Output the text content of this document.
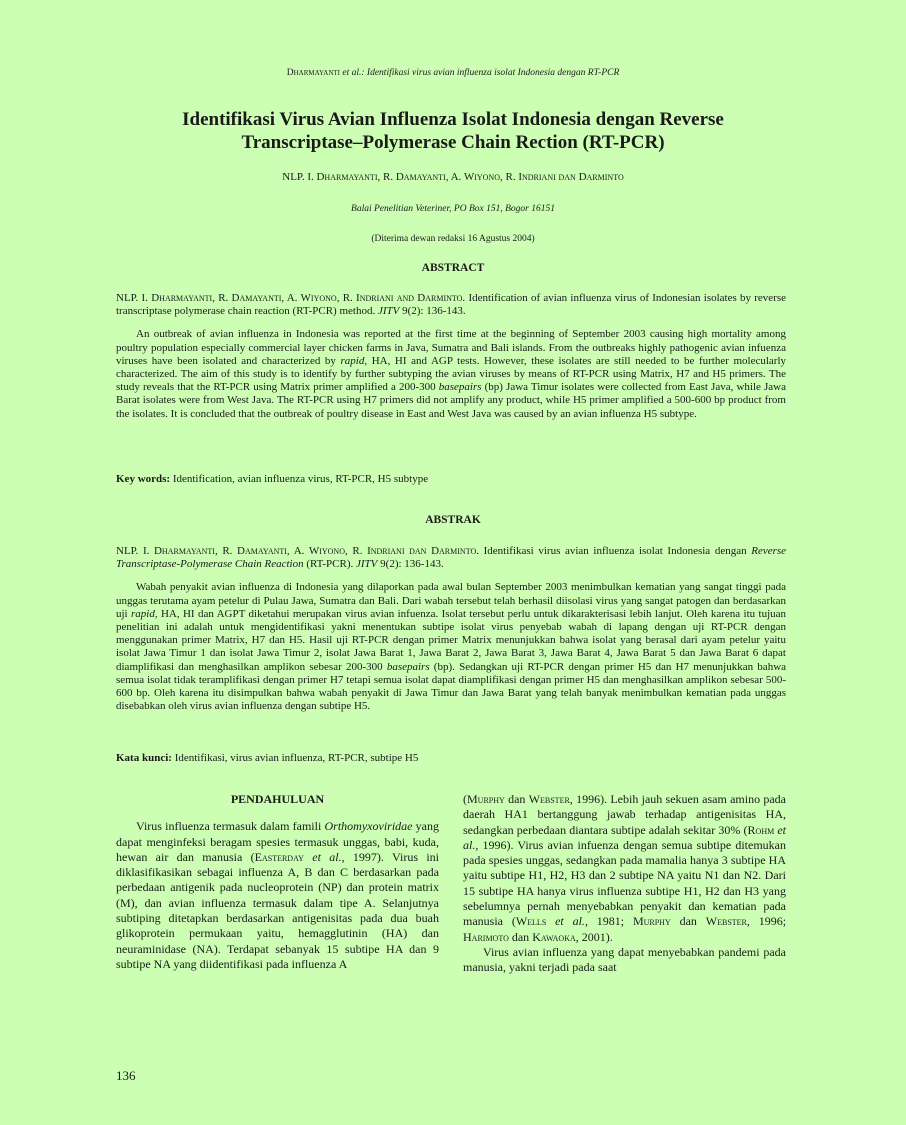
Dharmayanti et al.: Identifikasi virus avian influenza isolat Indonesia dengan RT-PCR
Identifikasi Virus Avian Influenza Isolat Indonesia dengan Reverse
Transcriptase–Polymerase Chain Rection (RT-PCR)
NLP. I. Dharmayanti, R. Damayanti, A. Wiyono, R. Indriani dan Darminto
Balai Penelitian Veteriner, PO Box 151, Bogor 16151
(Diterima dewan redaksi 16 Agustus 2004)
ABSTRACT

NLP. I. Dharmayanti, R. Damayanti, A. Wiyono, R. Indriani and Darminto. Identification of avian influenza virus of Indonesian isolates by reverse transcriptase polymerase chain reaction (RT-PCR) method. JITV 9(2): 136-143.

An outbreak of avian influenza in Indonesia was reported at the first time at the beginning of September 2003 causing high mortality among poultry population especially commercial layer chicken farms in Java, Sumatra and Bali islands. From the outbreaks highly pathogenic avian infuenza viruses have been isolated and characterized by rapid, HA, HI and AGP tests. However, these isolates are still needed to be further molecularly characterized. The aim of this study is to identify by further subtyping the avian viruses by means of RT-PCR using Matrix, H7 and H5 primers. The study reveals that the RT-PCR using Matrix primer amplified a 200-300 basepairs (bp) Jawa Timur isolates were collected from East Java, while Jawa Barat isolates were from West Java. The RT-PCR using H7 primers did not amplify any product, while H5 primer amplified a 500-600 bp product from the isolates. It is concluded that the outbreak of poultry disease in East and West Java was caused by an avian influenza H5 subtype.

Key words: Identification, avian influenza virus, RT-PCR, H5 subtype
ABSTRAK

NLP. I. Dharmayanti, R. Damayanti, A. Wiyono, R. Indriani dan Darminto. Identifikasi virus avian influenza isolat Indonesia dengan Reverse Transcriptase-Polymerase Chain Reaction (RT-PCR). JITV 9(2): 136-143.

Wabah penyakit avian influenza di Indonesia yang dilaporkan pada awal bulan September 2003 menimbulkan kematian yang sangat tinggi pada unggas terutama ayam petelur di Pulau Jawa, Sumatra dan Bali. Dari wabah tersebut telah berhasil diisolasi virus yang sangat patogen dan berdasarkan uji rapid, HA, HI dan AGPT diketahui merupakan virus avian infuenza. Isolat tersebut perlu untuk dikarakterisasi lebih lanjut. Oleh karena itu tujuan penelitian ini adalah untuk mengidentifikasi yakni menentukan subtipe isolat virus penyebab wabah di lapang dengan uji RT-PCR dengan menggunakan primer Matrix, H7 dan H5. Hasil uji RT-PCR dengan primer Matrix menunjukkan bahwa isolat yang berasal dari ayam petelur yaitu isolat Jawa Timur 1 dan isolat Jawa Timur 2, isolat Jawa Barat 1, Jawa Barat 2, Jawa Barat 3, Jawa Barat 4, Jawa Barat 5 dan Jawa Barat 6 dapat diamplifikasi dan menghasilkan amplikon sebesar 200-300 basepairs (bp). Sedangkan uji RT-PCR dengan primer H5 dan H7 menunjukkan bahwa semua isolat tidak teramplifikasi dengan primer H7 tetapi semua isolat dapat diamplifikasi dengan primer H5 dan menghasilkan amplikon sebesar 500-600 bp. Oleh karena itu disimpulkan bahwa wabah penyakit di Jawa Timur dan Jawa Barat yang telah banyak menimbulkan kematian pada unggas disebabkan oleh virus avian influenza dengan subtipe H5.

Kata kunci: Identifikasi, virus avian influenza, RT-PCR, subtipe H5

PENDAHULUAN

Virus influenza termasuk dalam famili Orthomyxoviridae yang dapat menginfeksi beragam spesies termasuk unggas, babi, kuda, hewan air dan manusia (Easterday et al., 1997). Virus ini diklasifikasikan sebagai influenza A, B dan C berdasarkan pada perbedaan antigenik pada nucleoprotein (NP) dan protein matrix (M), dan avian influenza termasuk dalam tipe A. Selanjutnya subtiping ditetapkan berdasarkan antigenisitas pada dua buah glikoprotein permukaan yaitu, hemagglutinin (HA) dan neuraminidase (NA). Terdapat sebanyak 15 subtipe HA dan 9 subtipe NA yang diidentifikasi pada influenza A

(Murphy dan Webster, 1996). Lebih jauh sekuen asam amino pada daerah HA1 bertanggung jawab terhadap antigenisitas HA, sedangkan perbedaan diantara subtipe adalah sekitar 30% (Rohm et al., 1996). Virus avian infuenza dengan semua subtipe ditemukan pada spesies unggas, sedangkan pada mamalia hanya 3 subtipe HA yaitu subtipe H1, H2, H3 dan 2 subtipe NA yaitu N1 dan N2. Dari 15 subtipe HA hanya virus influenza subtipe H1, H2 dan H3 yang sebelumnya pernah menyebabkan penyakit dan kematian pada manusia (Wells et al., 1981; Murphy dan Webster, 1996; Harimoto dan Kawaoka, 2001).

Virus avian influenza yang dapat menyebabkan pandemi pada manusia, yakni terjadi pada saat

136
